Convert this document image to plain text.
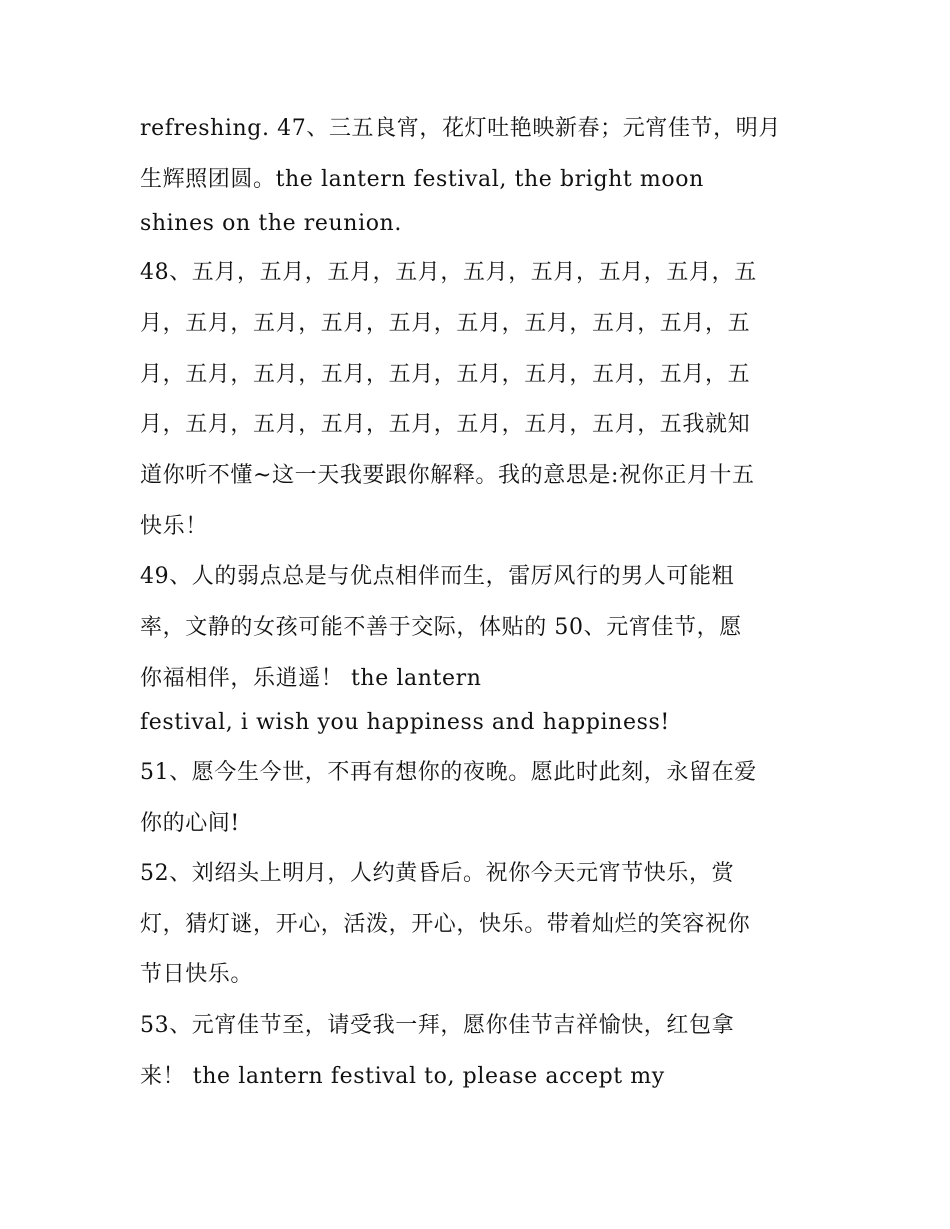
refreshing. 47、三五良宵，花灯吐艳映新春；元宵佳节，明月
生辉照团圆。the lantern festival, the bright moon
shines on the reunion.
48、五月，五月，五月，五月，五月，五月，五月，五月，五
月，五月，五月，五月，五月，五月，五月，五月，五月，五
月，五月，五月，五月，五月，五月，五月，五月，五月，五
月，五月，五月，五月，五月，五月，五月，五月，五我就知
道你听不懂~这一天我要跟你解释。我的意思是:祝你正月十五
快乐！
49、人的弱点总是与优点相伴而生，雷厉风行的男人可能粗
率，文静的女孩可能不善于交际，体贴的 50、元宵佳节，愿
你福相伴，乐逍遥！ the lantern
festival, i wish you happiness and happiness!
51、愿今生今世，不再有想你的夜晚。愿此时此刻，永留在爱
你的心间!
52、刘绍头上明月，人约黄昏后。祝你今天元宵节快乐，赏
灯，猜灯谜，开心，活泼，开心，快乐。带着灿烂的笑容祝你
节日快乐。
53、元宵佳节至，请受我一拜，愿你佳节吉祥愉快，红包拿
来！ the lantern festival to, please accept my
